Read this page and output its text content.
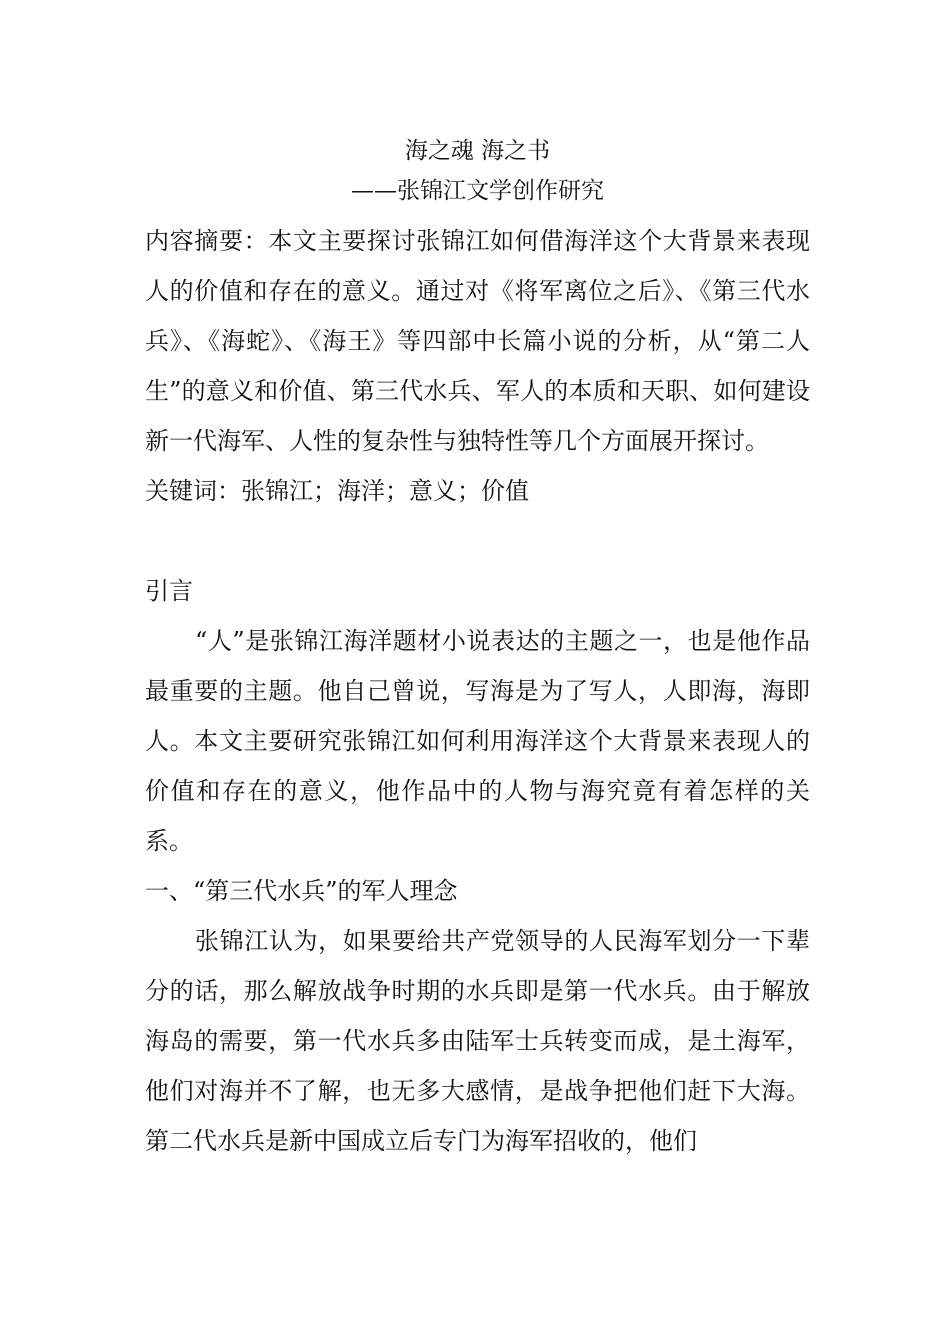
海之魂 海之书
——张锦江文学创作研究

内容摘要：本文主要探讨张锦江如何借海洋这个大背景来表现人的价值和存在的意义。通过对《将军离位之后》、《第三代水兵》、《海蛇》、《海王》等四部中长篇小说的分析，从“第二人生”的意义和价值、第三代水兵、军人的本质和天职、如何建设新一代海军、人性的复杂性与独特性等几个方面展开探讨。

关键词：张锦江；海洋；意义；价值

引言

“人”是张锦江海洋题材小说表达的主题之一，也是他作品最重要的主题。他自己曾说，写海是为了写人，人即海，海即人。本文主要研究张锦江如何利用海洋这个大背景来表现人的价值和存在的意义，他作品中的人物与海究竟有着怎样的关系。

一、“第三代水兵”的军人理念

张锦江认为，如果要给共产党领导的人民海军划分一下辈分的话，那么解放战争时期的水兵即是第一代水兵。由于解放海岛的需要，第一代水兵多由陆军士兵转变而成，是土海军，他们对海并不了解，也无多大感情，是战争把他们赶下大海。第二代水兵是新中国成立后专门为海军招收的，他们
